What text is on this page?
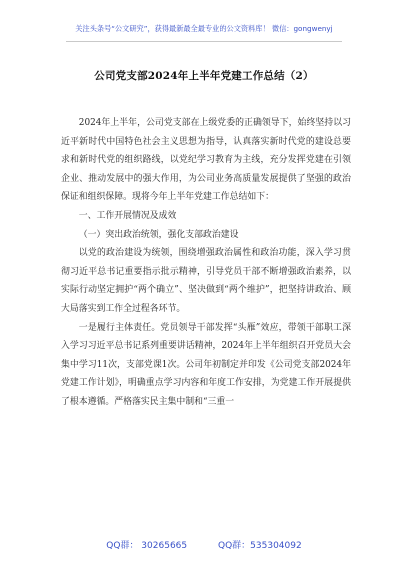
关注头条号“公文研究”，获得最新最全最专业的公文资料库！ 微信：gongwenyj
公司党支部2024年上半年党建工作总结（2）

2024年上半年，公司党支部在上级党委的正确领导下，始终坚持以习近平新时代中国特色社会主义思想为指导，认真落实新时代党的建设总要求和新时代党的组织路线，以党纪学习教育为主线，充分发挥党建在引领企业、推动发展中的强大作用，为公司业务高质量发展提供了坚强的政治保证和组织保障。现将今年上半年党建工作总结如下：

一、工作开展情况及成效

（一）突出政治统领，强化支部政治建设

以党的政治建设为统领，围绕增强政治属性和政治功能，深入学习贯彻习近平总书记重要指示批示精神，引导党员干部不断增强政治素养，以实际行动坚定拥护“两个确立”、坚决做到“两个维护”，把坚持讲政治、顾大局落实到工作全过程各环节。

一是履行主体责任。党员领导干部发挥“头雁”效应，带领干部职工深入学习习近平总书记系列重要讲话精神，2024年上半年组织召开党员大会集中学习11次，支部党课1次。公司年初制定并印发《公司党支部2024年党建工作计划》，明确重点学习内容和年度工作安排，为党建工作开展提供了根本遵循。严格落实民主集中制和“三重一

QQ群： 30265665	QQ群：535304092
